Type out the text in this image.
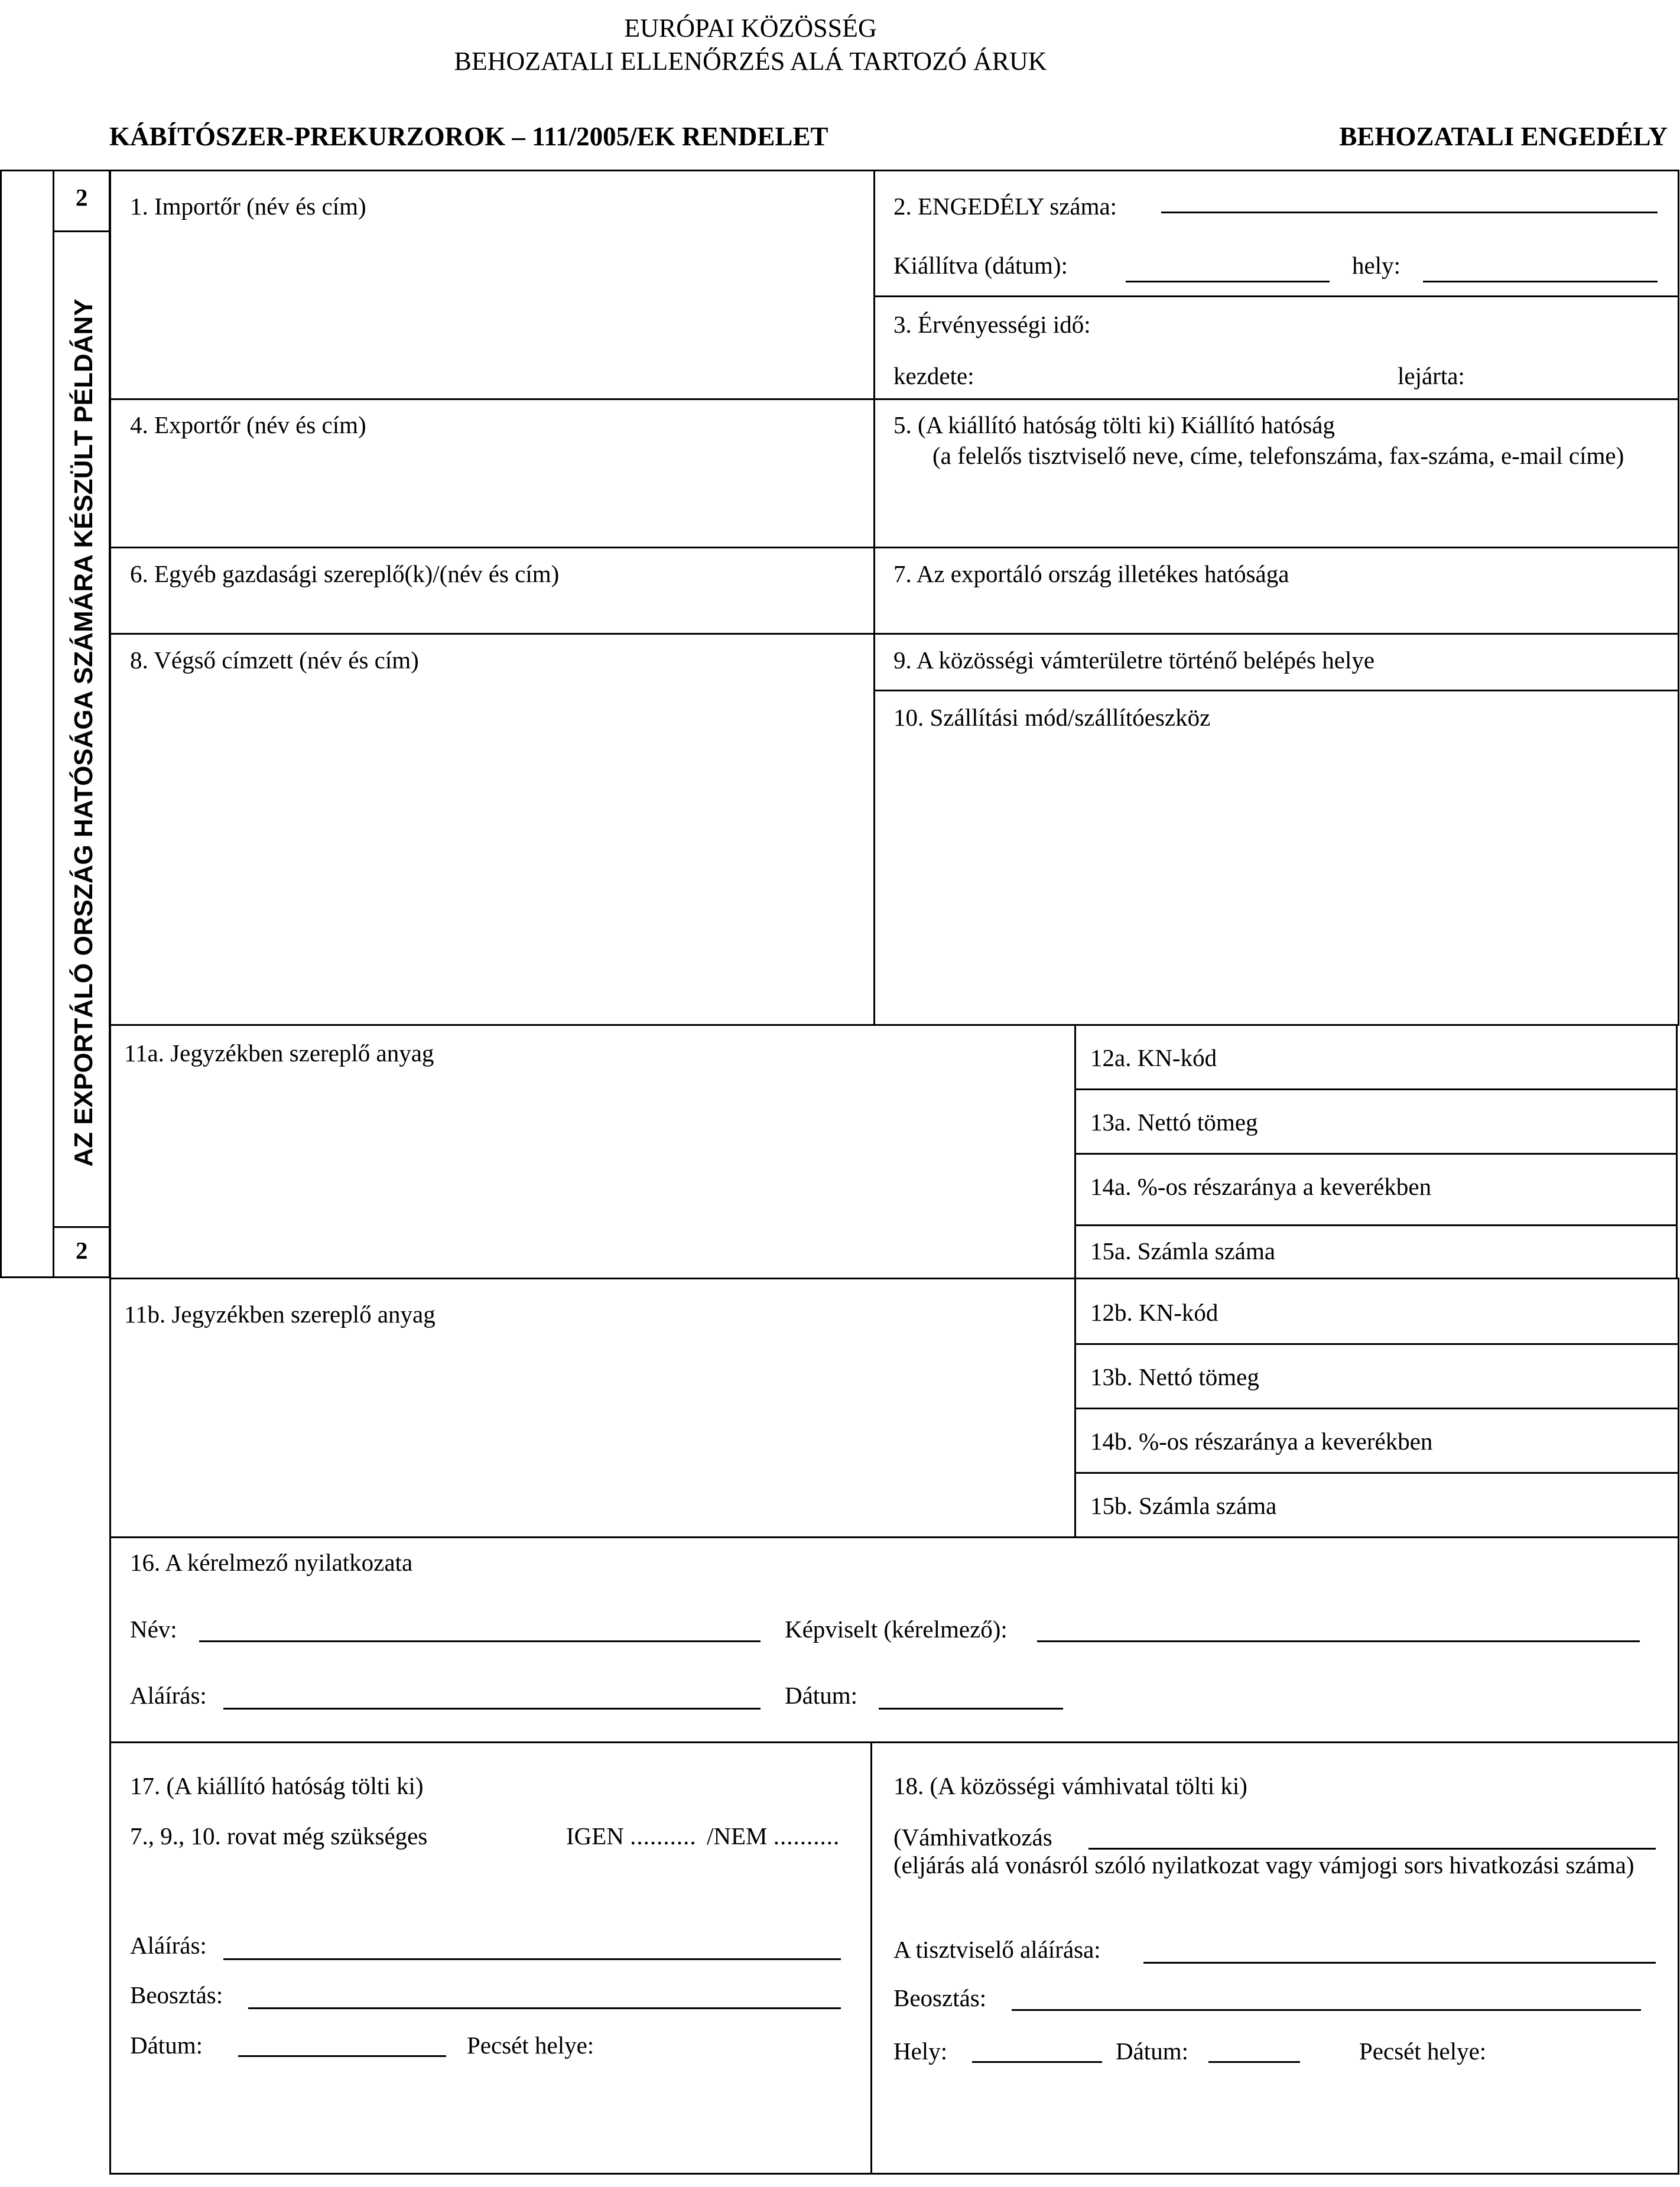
EURÓPAI KÖZÖSSÉG
BEHOZATALI ELLENŐRZÉS ALÁ TARTOZÓ ÁRUK
KÁBÍTÓSZER-PREKURZOROK – 111/2005/EK RENDELET	BEHOZATALI ENGEDÉLY
2
2
AZ EXPORTÁLÓ ORSZÁG HATÓSÁGA SZÁMÁRA KÉSZÜLT PÉLDÁNY
1. Importőr (név és cím)	2. ENGEDÉLY száma:
Kiállítva (dátum):	hely:
3. Érvényességi idő:
kezdete:	lejárta:
4. Exportőr (név és cím)	5. (A kiállító hatóság tölti ki) Kiállító hatóság
(a felelős tisztviselő neve, címe, telefonszáma, fax-száma, e-mail címe)
6. Egyéb gazdasági szereplő(k)/(név és cím)	7. Az exportáló ország illetékes hatósága
8. Végső címzett (név és cím)	9. A közösségi vámterületre történő belépés helye
10. Szállítási mód/szállítóeszköz
11a. Jegyzékben szereplő anyag	12a. KN-kód
13a. Nettó tömeg
14a. %-os részaránya a keverékben
15a. Számla száma
11b. Jegyzékben szereplő anyag	12b. KN-kód
13b. Nettó tömeg
14b. %-os részaránya a keverékben
15b. Számla száma
16. A kérelmező nyilatkozata
Név:	Képviselt (kérelmező):
Aláírás:	Dátum:
17. (A kiállító hatóság tölti ki)
7., 9., 10. rovat még szükséges	IGEN .......... /NEM ..........
Aláírás:
Beosztás:
Dátum:	Pecsét helye:
18. (A közösségi vámhivatal tölti ki)
(Vámhivatkozás
(eljárás alá vonásról szóló nyilatkozat vagy vámjogi sors hivatkozási száma)
A tisztviselő aláírása:
Beosztás:
Hely:	Dátum:	Pecsét helye:
